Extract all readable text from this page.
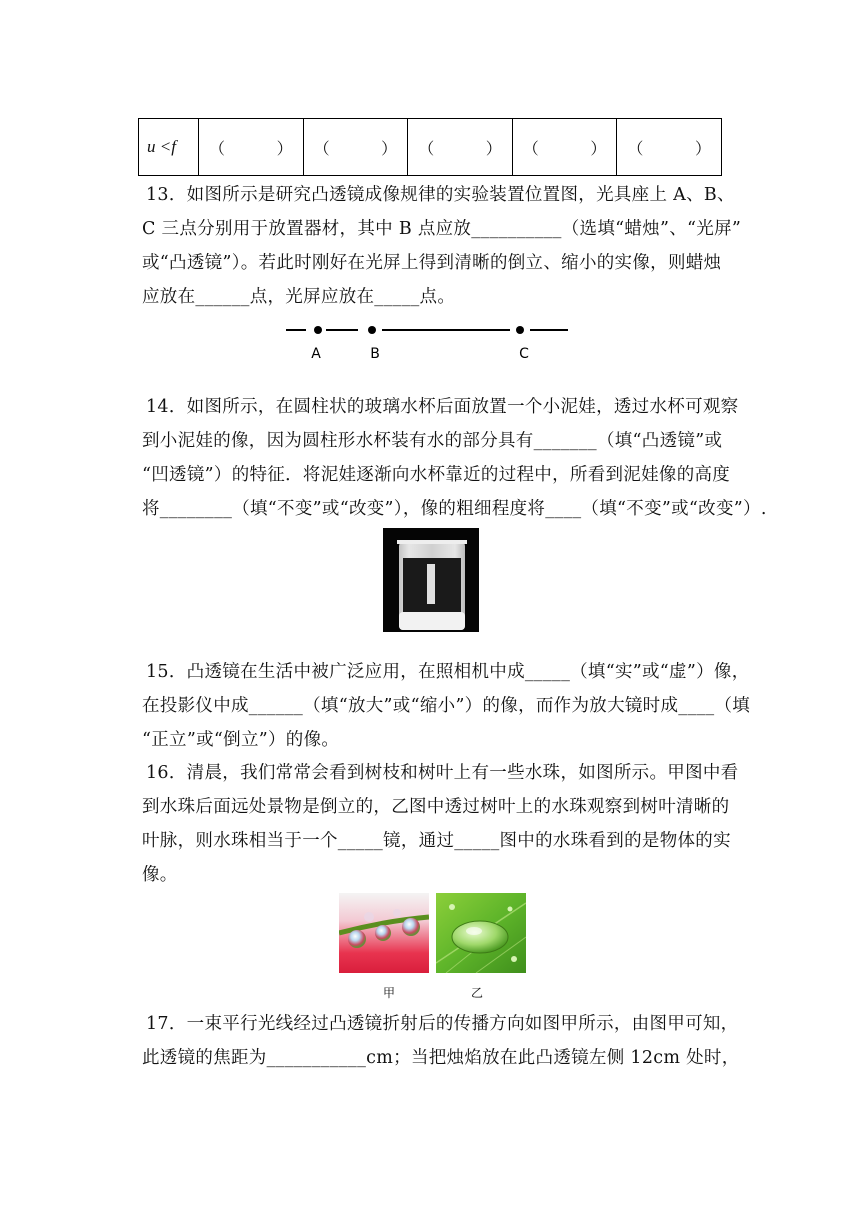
u <f	（	）	（	）	（	）	（	）	（	）
13．如图所示是研究凸透镜成像规律的实验装置位置图，光具座上 A、B、
C 三点分别用于放置器材，其中 B 点应放__________（选填“蜡烛”、“光屏”
或“凸透镜”）。若此时刚好在光屏上得到清晰的倒立、缩小的实像，则蜡烛
应放在______点，光屏应放在_____点。
A	B	C
14．如图所示，在圆柱状的玻璃水杯后面放置一个小泥娃，透过水杯可观察
到小泥娃的像，因为圆柱形水杯装有水的部分具有_______（填“凸透镜”或
“凹透镜”）的特征．将泥娃逐渐向水杯靠近的过程中，所看到泥娃像的高度
将________（填“不变”或“改变”），像的粗细程度将____（填“不变”或“改变”）.
15．凸透镜在生活中被广泛应用，在照相机中成_____（填“实”或“虚”）像，
在投影仪中成______（填“放大”或“缩小”）的像，而作为放大镜时成____（填
“正立”或“倒立”）的像。
16．清晨，我们常常会看到树枝和树叶上有一些水珠，如图所示。甲图中看
到水珠后面远处景物是倒立的，乙图中透过树叶上的水珠观察到树叶清晰的
叶脉，则水珠相当于一个_____镜，通过_____图中的水珠看到的是物体的实
像。
甲	乙
17．一束平行光线经过凸透镜折射后的传播方向如图甲所示，由图甲可知，
此透镜的焦距为___________cm；当把烛焰放在此凸透镜左侧 12cm 处时，
